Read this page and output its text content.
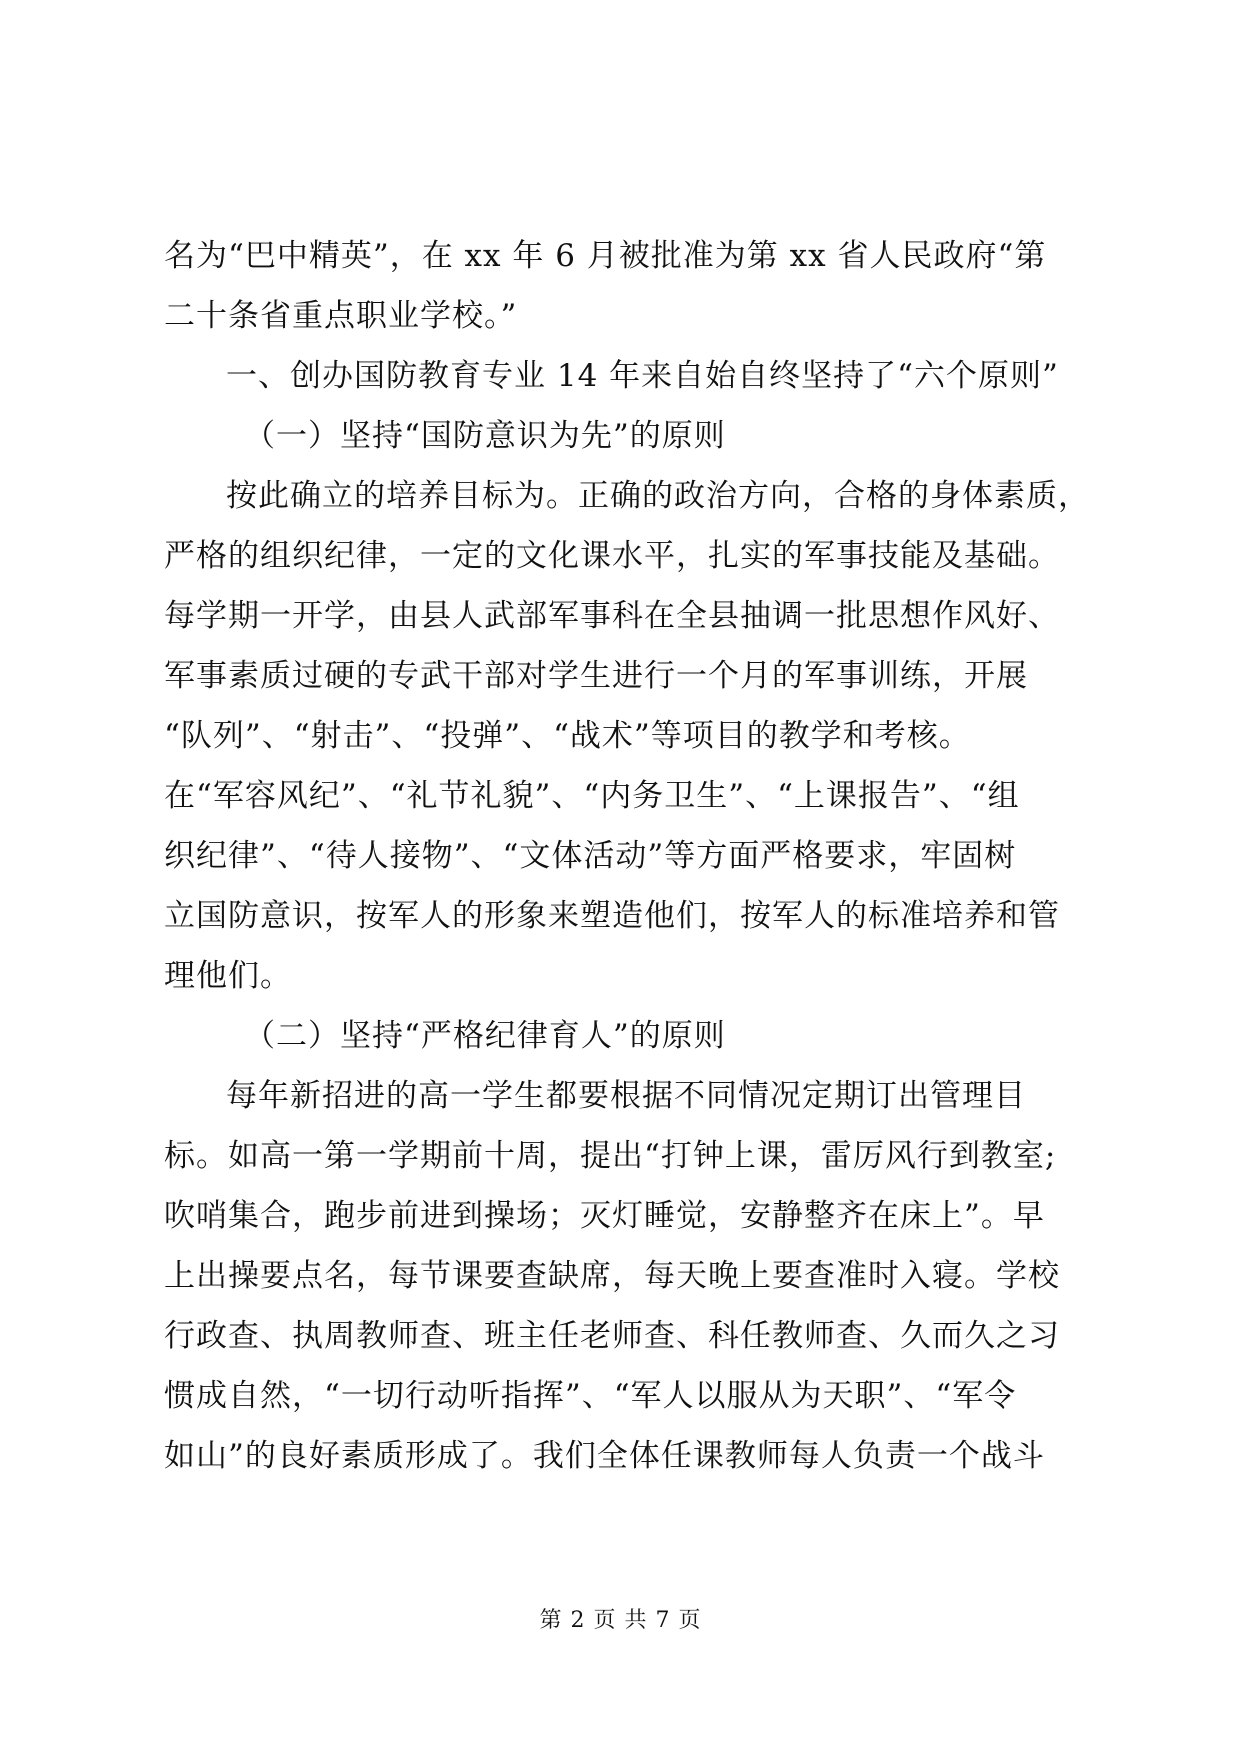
名为“巴中精英”，在 xx 年 6 月被批准为第 xx 省人民政府“第
二十条省重点职业学校。”
一、创办国防教育专业 14 年来自始自终坚持了“六个原则”
（一）坚持“国防意识为先”的原则
按此确立的培养目标为。正确的政治方向，合格的身体素质，
严格的组织纪律，一定的文化课水平，扎实的军事技能及基础。
每学期一开学，由县人武部军事科在全县抽调一批思想作风好、
军事素质过硬的专武干部对学生进行一个月的军事训练，开展
“队列”、“射击”、“投弹”、“战术”等项目的教学和考核。
在“军容风纪”、“礼节礼貌”、“内务卫生”、“上课报告”、“组
织纪律”、“待人接物”、“文体活动”等方面严格要求，牢固树
立国防意识，按军人的形象来塑造他们，按军人的标准培养和管
理他们。
（二）坚持“严格纪律育人”的原则
每年新招进的高一学生都要根据不同情况定期订出管理目
标。如高一第一学期前十周，提出“打钟上课，雷厉风行到教室;
吹哨集合，跑步前进到操场；灭灯睡觉，安静整齐在床上”。早
上出操要点名，每节课要查缺席，每天晚上要查准时入寝。学校
行政查、执周教师查、班主任老师查、科任教师查、久而久之习
惯成自然，“一切行动听指挥”、“军人以服从为天职”、“军令
如山”的良好素质形成了。我们全体任课教师每人负责一个战斗
第 2 页 共 7 页
